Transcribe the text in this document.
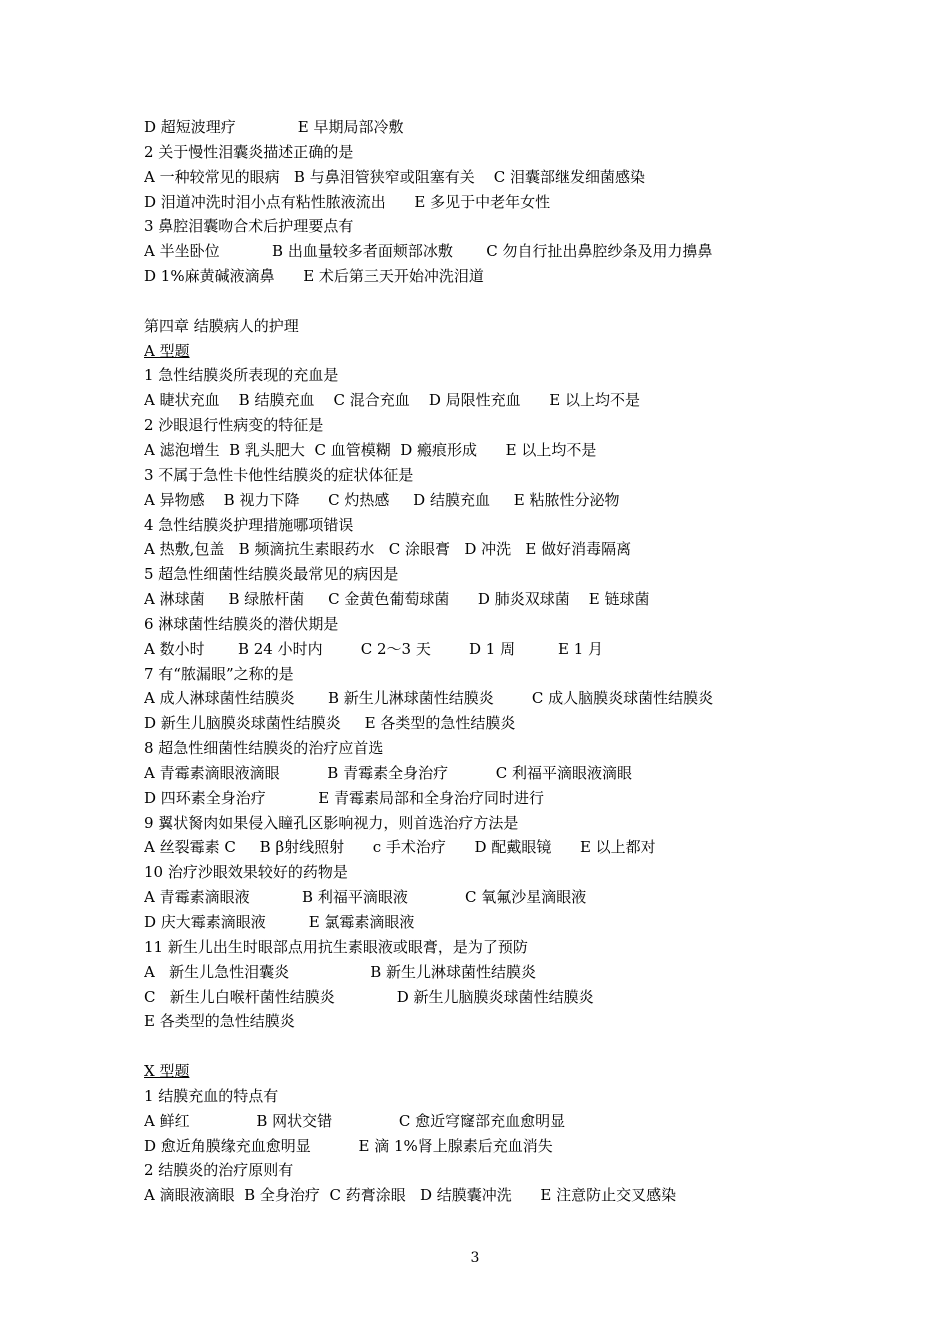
D 超短波理疗             E 早期局部冷敷
2 关于慢性泪囊炎描述正确的是
A 一种较常见的眼病   B 与鼻泪管狭窄或阻塞有关    C 泪囊部继发细菌感染
D 泪道冲洗时泪小点有粘性脓液流出      E 多见于中老年女性
3 鼻腔泪囊吻合术后护理要点有
A 半坐卧位           B 出血量较多者面颊部冰敷       C 勿自行扯出鼻腔纱条及用力擤鼻
D 1%麻黄碱液滴鼻      E 术后第三天开始冲洗泪道
第四章 结膜病人的护理
A 型题
1 急性结膜炎所表现的充血是
A 睫状充血    B 结膜充血    C 混合充血    D 局限性充血      E 以上均不是
2 沙眼退行性病变的特征是
A 滤泡增生  B 乳头肥大  C 血管模糊  D 瘢痕形成      E 以上均不是
3 不属于急性卡他性结膜炎的症状体征是
A 异物感    B 视力下降      C 灼热感     D 结膜充血     E 粘脓性分泌物
4 急性结膜炎护理措施哪项错误
A 热敷,包盖   B 频滴抗生素眼药水   C 涂眼膏   D 冲洗   E 做好消毒隔离
5 超急性细菌性结膜炎最常见的病因是
A 淋球菌     B 绿脓杆菌     C 金黄色葡萄球菌      D 肺炎双球菌    E 链球菌
6 淋球菌性结膜炎的潜伏期是
A 数小时       B 24 小时内        C 2～3 天        D 1 周         E 1 月
7 有“脓漏眼”之称的是
A 成人淋球菌性结膜炎       B 新生儿淋球菌性结膜炎        C 成人脑膜炎球菌性结膜炎
D 新生儿脑膜炎球菌性结膜炎     E 各类型的急性结膜炎
8 超急性细菌性结膜炎的治疗应首选
A 青霉素滴眼液滴眼          B 青霉素全身治疗          C 利福平滴眼液滴眼
D 四环素全身治疗           E 青霉素局部和全身治疗同时进行
9 翼状胬肉如果侵入瞳孔区影响视力，则首选治疗方法是
A 丝裂霉素 C     B β射线照射      c 手术治疗      D 配戴眼镜      E 以上都对
10 治疗沙眼效果较好的药物是
A 青霉素滴眼液           B 利福平滴眼液            C 氧氟沙星滴眼液
D 庆大霉素滴眼液         E 氯霉素滴眼液
11 新生儿出生时眼部点用抗生素眼液或眼膏，是为了预防
A   新生儿急性泪囊炎                 B 新生儿淋球菌性结膜炎
C   新生儿白喉杆菌性结膜炎             D 新生儿脑膜炎球菌性结膜炎
E 各类型的急性结膜炎
X 型题
1 结膜充血的特点有
A 鲜红              B 网状交错              C 愈近穹窿部充血愈明显
D 愈近角膜缘充血愈明显          E 滴 1%肾上腺素后充血消失
2 结膜炎的治疗原则有
A 滴眼液滴眼  B 全身治疗  C 药膏涂眼   D 结膜囊冲洗      E 注意防止交叉感染
3
